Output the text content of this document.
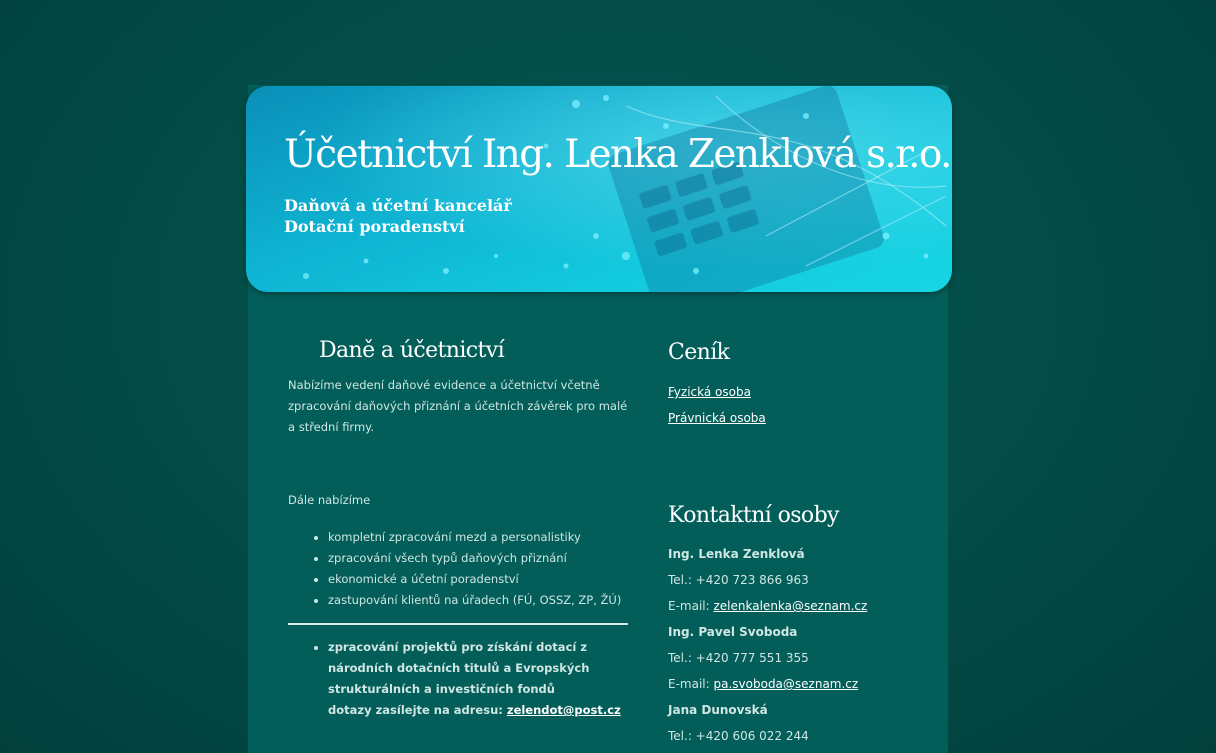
Účetnictví Ing. Lenka Zenklová s.r.o.
Daňová a účetní kancelář
Dotační poradenství
Daně a účetnictví

Nabízíme vedení daňové evidence a účetnictví včetně zpracování daňových přiznání a účetních závěrek pro malé a střední firmy.

Dále nabízíme

• kompletní zpracování mezd a personalistiky
• zpracování všech typů daňových přiznání
• ekonomické a účetní poradenství
• zastupování klientů na úřadech (FÚ, OSSZ, ZP, ŽÚ)
• zpracování projektů pro získání dotací z národních dotačních titulů a Evropských strukturálních a investičních fondů
dotazy zasílejte na adresu: zelendot@post.cz
Ceník
Fyzická osoba
Právnická osoba
Kontaktní osoby
Ing. Lenka Zenklová
Tel.: +420 723 866 963
E-mail: zelenkalenka@seznam.cz
Ing. Pavel Svoboda
Tel.: +420 777 551 355
E-mail: pa.svoboda@seznam.cz
Jana Dunovská
Tel.: +420 606 022 244
